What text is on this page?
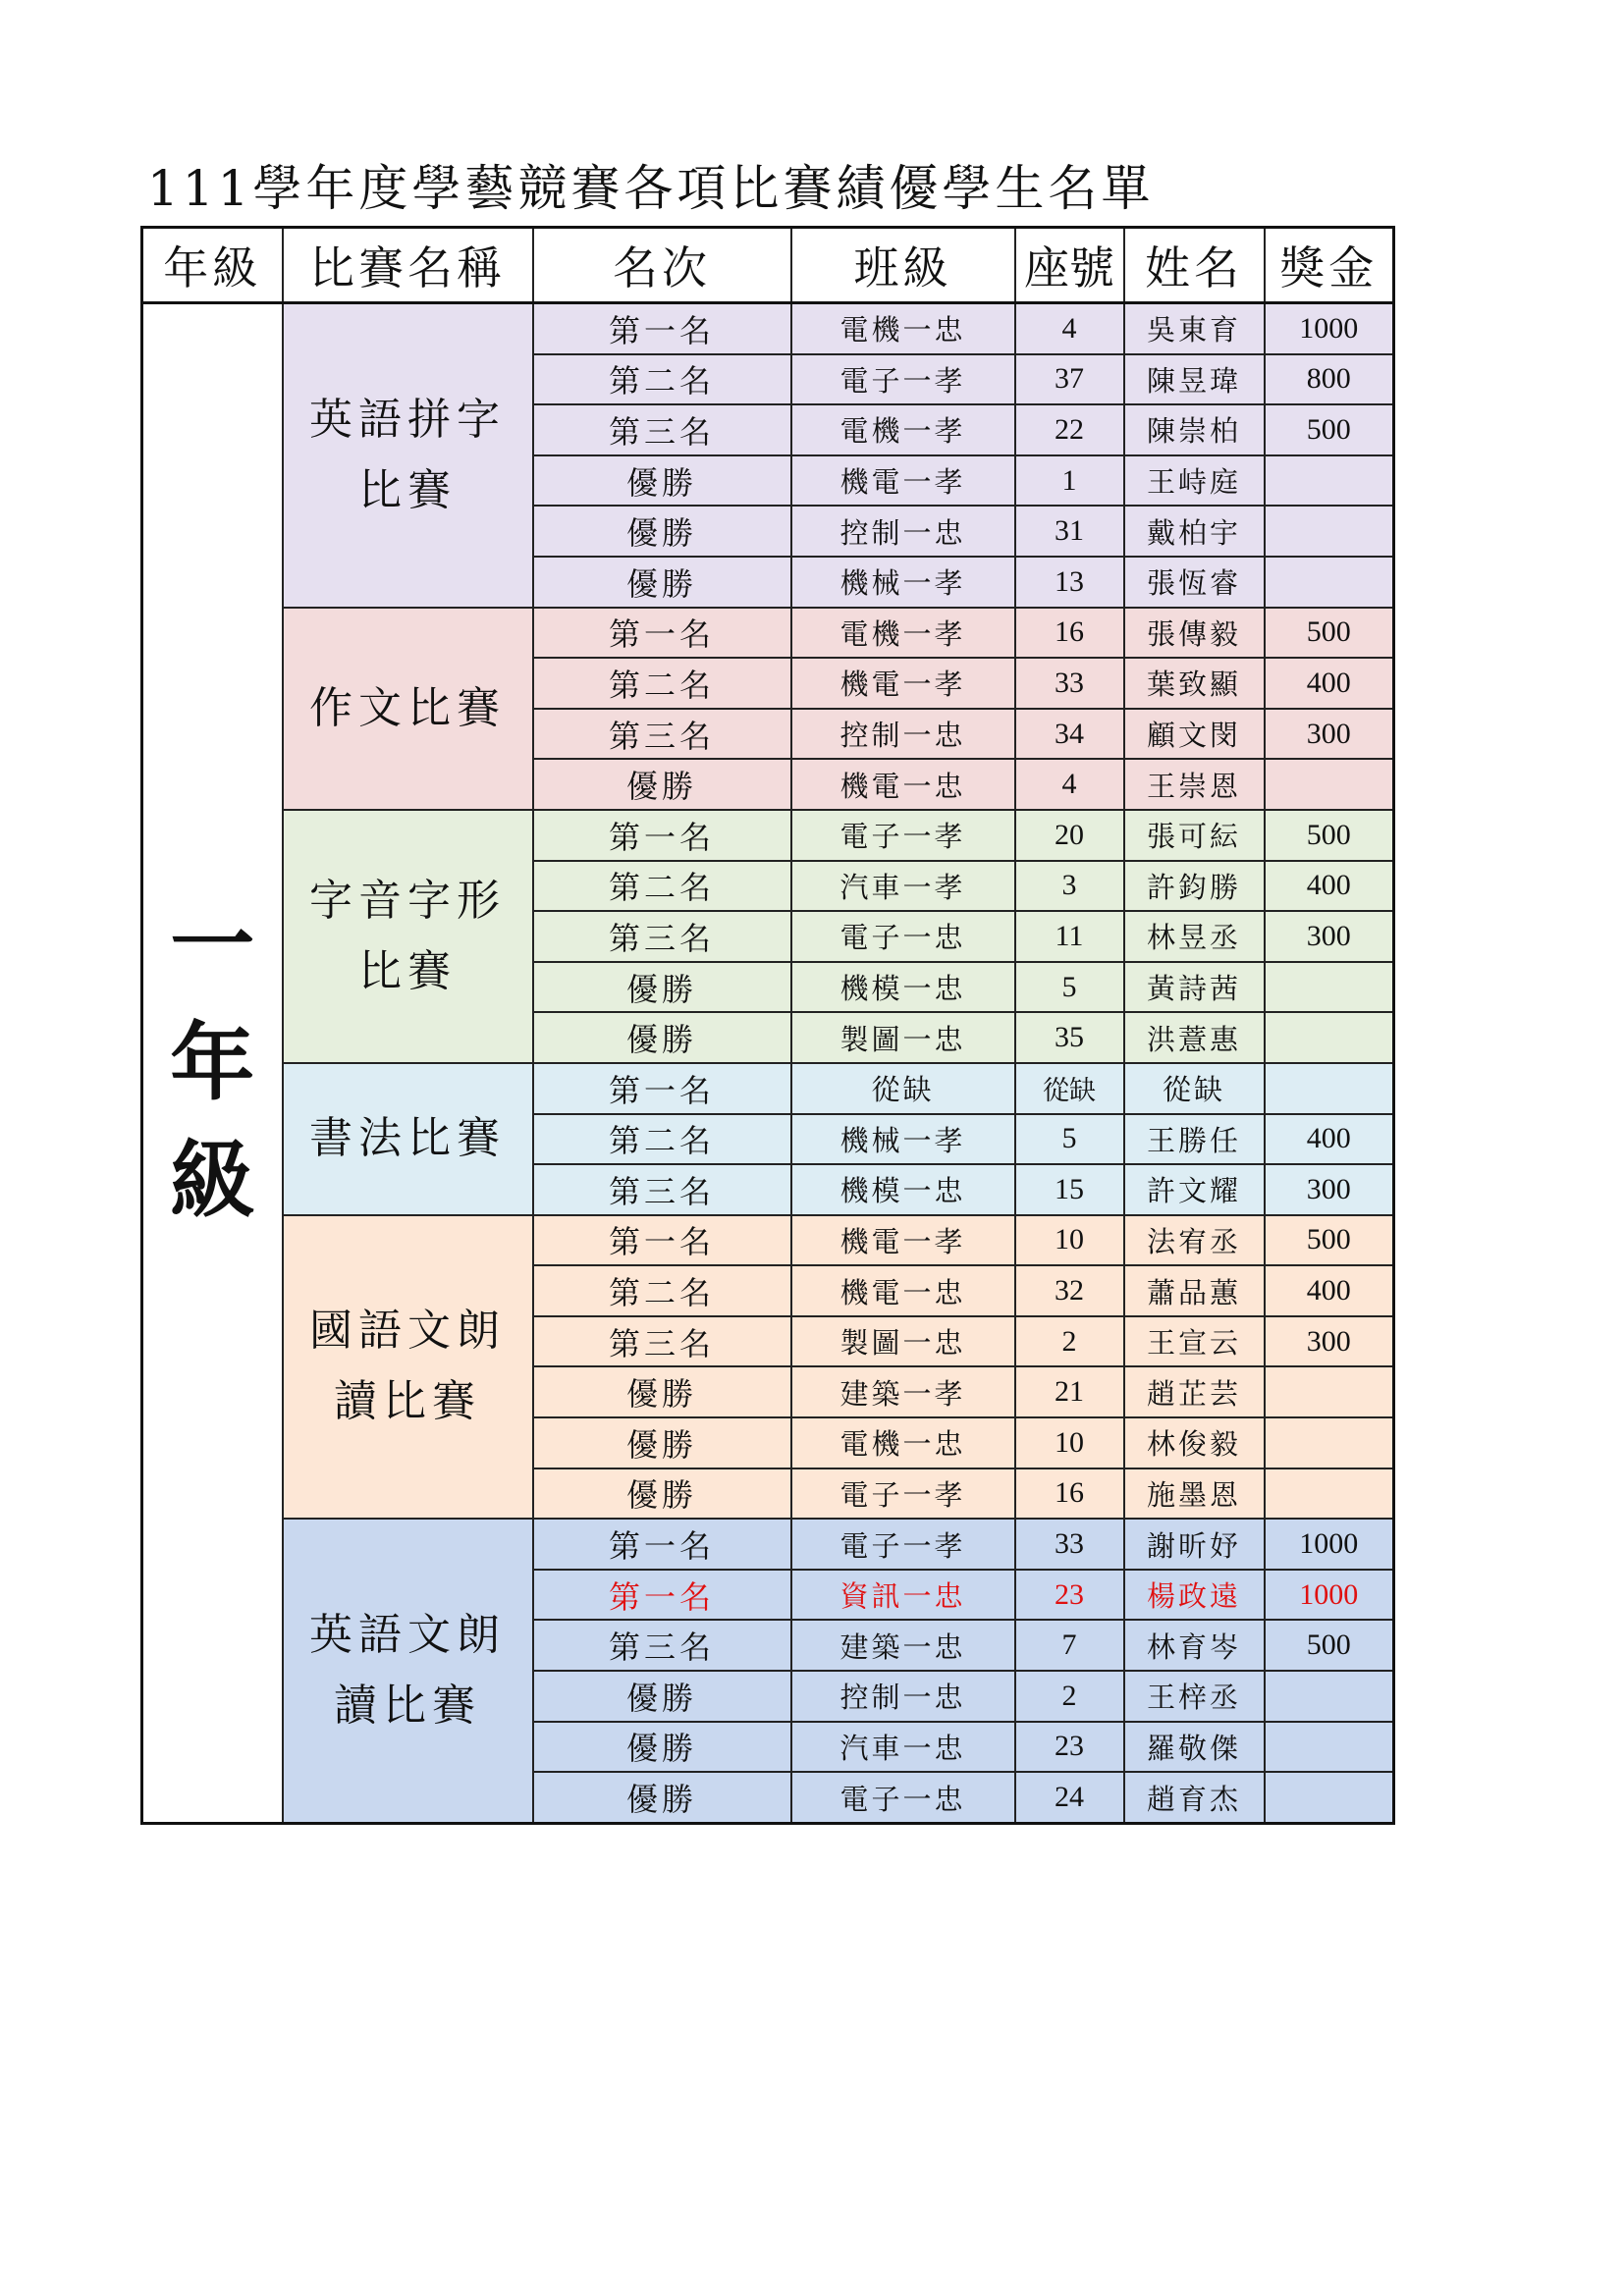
111學年度學藝競賽各項比賽績優學生名單
年級	比賽名稱	名次	班級	座號	姓名	獎金
一年級	英語拼字比賽	第一名	電機一忠	4	吳東育	1000
		第二名	電子一孝	37	陳昱瑋	800
		第三名	電機一孝	22	陳崇柏	500
		優勝	機電一孝	1	王峙庭	
		優勝	控制一忠	31	戴柏宇	
		優勝	機械一孝	13	張恆睿	
	作文比賽	第一名	電機一孝	16	張傳毅	500
		第二名	機電一孝	33	葉致顯	400
		第三名	控制一忠	34	顧文閔	300
		優勝	機電一忠	4	王崇恩	
	字音字形比賽	第一名	電子一孝	20	張可紜	500
		第二名	汽車一孝	3	許鈞勝	400
		第三名	電子一忠	11	林昱丞	300
		優勝	機模一忠	5	黃詩茜	
		優勝	製圖一忠	35	洪薏惠	
	書法比賽	第一名	從缺	從缺	從缺	
		第二名	機械一孝	5	王勝任	400
		第三名	機模一忠	15	許文耀	300
	國語文朗讀比賽	第一名	機電一孝	10	法宥丞	500
		第二名	機電一忠	32	蕭品蕙	400
		第三名	製圖一忠	2	王宣云	300
		優勝	建築一孝	21	趙芷芸	
		優勝	電機一忠	10	林俊毅	
		優勝	電子一孝	16	施墨恩	
	英語文朗讀比賽	第一名	電子一孝	33	謝昕妤	1000
		第一名	資訊一忠	23	楊政遠	1000
		第三名	建築一忠	7	林育岑	500
		優勝	控制一忠	2	王梓丞	
		優勝	汽車一忠	23	羅敬傑	
		優勝	電子一忠	24	趙育杰	
